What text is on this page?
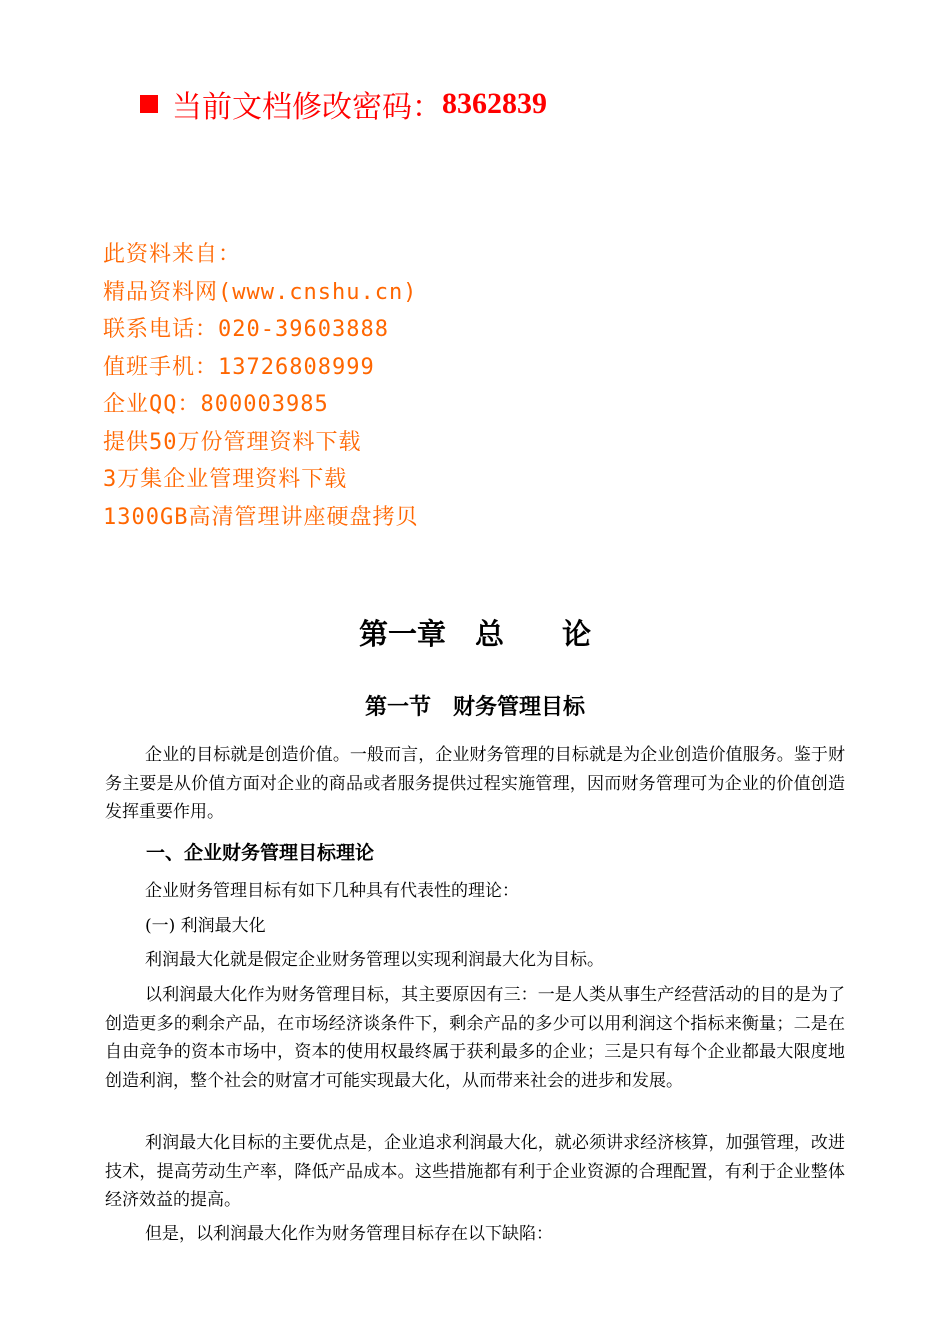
当前文档修改密码： 8362839
此资料来自：
精品资料网(www.cnshu.cn)
联系电话：020-39603888
值班手机：13726808999
企业QQ：800003985
提供50万份管理资料下载
3万集企业管理资料下载
1300GB高清管理讲座硬盘拷贝
第一章　总　　论
第一节　财务管理目标
企业的目标就是创造价值。一般而言，企业财务管理的目标就是为企业创造价值服务。鉴于财务主要是从价值方面对企业的商品或者服务提供过程实施管理，因而财务管理可为企业的价值创造发挥重要作用。
一、企业财务管理目标理论
企业财务管理目标有如下几种具有代表性的理论：
(一) 利润最大化
利润最大化就是假定企业财务管理以实现利润最大化为目标。
以利润最大化作为财务管理目标，其主要原因有三：一是人类从事生产经营活动的目的是为了创造更多的剩余产品，在市场经济谈条件下，剩余产品的多少可以用利润这个指标来衡量；二是在自由竞争的资本市场中，资本的使用权最终属于获利最多的企业；三是只有每个企业都最大限度地创造利润，整个社会的财富才可能实现最大化，从而带来社会的进步和发展。
利润最大化目标的主要优点是，企业追求利润最大化，就必须讲求经济核算，加强管理，改进技术，提高劳动生产率，降低产品成本。这些措施都有利于企业资源的合理配置，有利于企业整体经济效益的提高。
但是，以利润最大化作为财务管理目标存在以下缺陷：
